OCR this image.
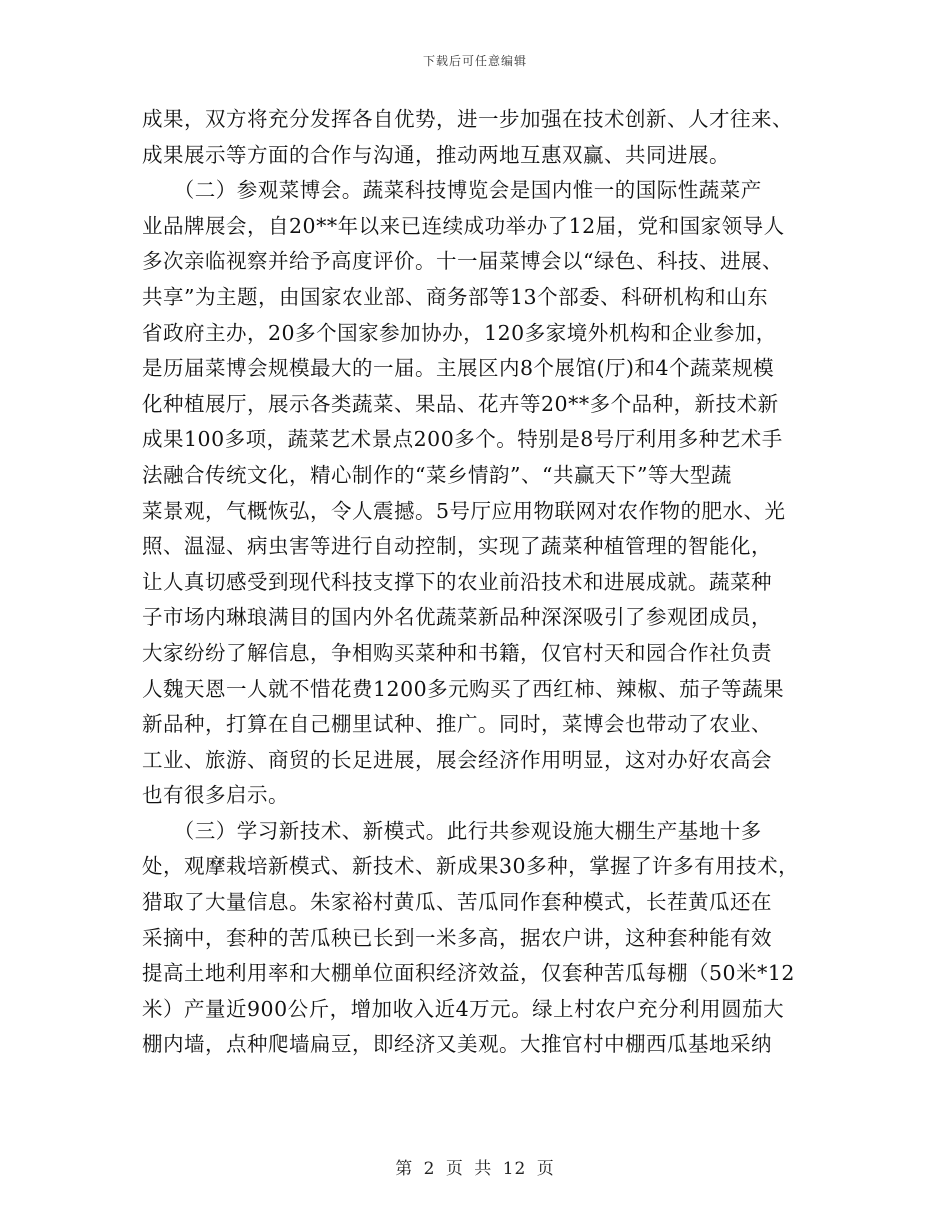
下载后可任意编辑
成果，双方将充分发挥各自优势，进一步加强在技术创新、人才往来、
成果展示等方面的合作与沟通，推动两地互惠双赢、共同进展。
　　（二）参观菜博会。蔬菜科技博览会是国内惟一的国际性蔬菜产
业品牌展会，自20**年以来已连续成功举办了12届，党和国家领导人
多次亲临视察并给予高度评价。十一届菜博会以“绿色、科技、进展、
共享”为主题，由国家农业部、商务部等13个部委、科研机构和山东
省政府主办，20多个国家参加协办，120多家境外机构和企业参加，
是历届菜博会规模最大的一届。主展区内8个展馆(厅)和4个蔬菜规模
化种植展厅，展示各类蔬菜、果品、花卉等20**多个品种，新技术新
成果100多项，蔬菜艺术景点200多个。特别是8号厅利用多种艺术手
法融合传统文化，精心制作的“菜乡情韵”、“共赢天下”等大型蔬
菜景观，气概恢弘，令人震撼。5号厅应用物联网对农作物的肥水、光
照、温湿、病虫害等进行自动控制，实现了蔬菜种植管理的智能化，
让人真切感受到现代科技支撑下的农业前沿技术和进展成就。蔬菜种
子市场内琳琅满目的国内外名优蔬菜新品种深深吸引了参观团成员，
大家纷纷了解信息，争相购买菜种和书籍，仅官村天和园合作社负责
人魏天恩一人就不惜花费1200多元购买了西红柿、辣椒、茄子等蔬果
新品种，打算在自己棚里试种、推广。同时，菜博会也带动了农业、
工业、旅游、商贸的长足进展，展会经济作用明显，这对办好农高会
也有很多启示。
　　（三）学习新技术、新模式。此行共参观设施大棚生产基地十多
处，观摩栽培新模式、新技术、新成果30多种，掌握了许多有用技术，
猎取了大量信息。朱家裕村黄瓜、苦瓜同作套种模式，长茬黄瓜还在
采摘中，套种的苦瓜秧已长到一米多高，据农户讲，这种套种能有效
提高土地利用率和大棚单位面积经济效益，仅套种苦瓜每棚（50米*12
米）产量近900公斤，增加收入近4万元。绿上村农户充分利用圆茄大
棚内墙，点种爬墙扁豆，即经济又美观。大推官村中棚西瓜基地采纳
第 2 页 共 12 页
